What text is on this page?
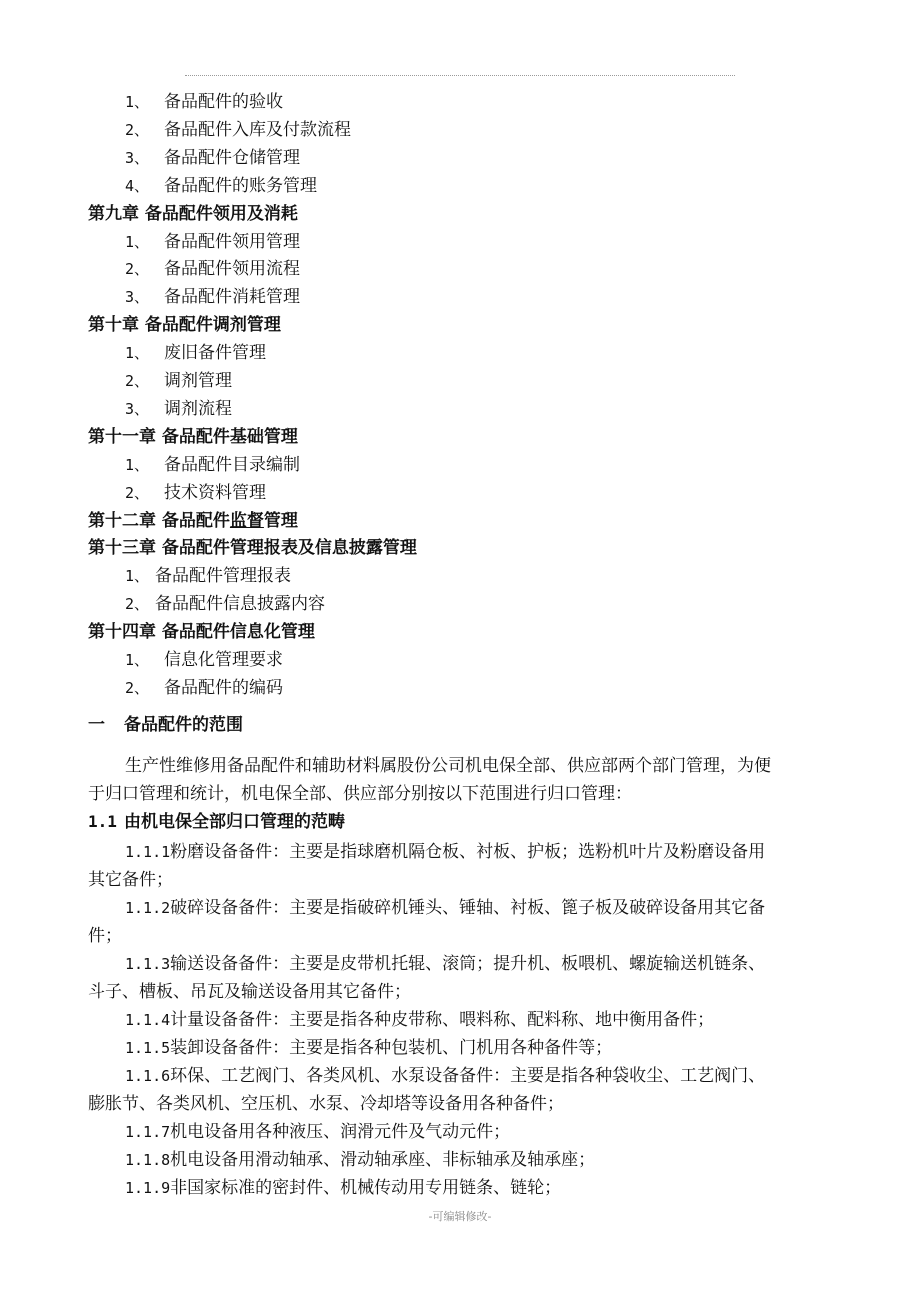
1、 备品配件的验收
2、 备品配件入库及付款流程
3、 备品配件仓储管理
4、 备品配件的账务管理
第九章 备品配件领用及消耗
1、 备品配件领用管理
2、 备品配件领用流程
3、 备品配件消耗管理
第十章 备品配件调剂管理
1、 废旧备件管理
2、 调剂管理
3、 调剂流程
第十一章 备品配件基础管理
1、 备品配件目录编制
2、 技术资料管理
第十二章 备品配件监督管理
第十三章 备品配件管理报表及信息披露管理
1、 备品配件管理报表
2、 备品配件信息披露内容
第十四章 备品配件信息化管理
1、 信息化管理要求
2、 备品配件的编码
一 备品配件的范围
生产性维修用备品配件和辅助材料属股份公司机电保全部、供应部两个部门管理，为便
于归口管理和统计，机电保全部、供应部分别按以下范围进行归口管理：
1.1 由机电保全部归口管理的范畴
1.1.1粉磨设备备件：主要是指球磨机隔仓板、衬板、护板；选粉机叶片及粉磨设备用
其它备件；
1.1.2破碎设备备件：主要是指破碎机锤头、锤轴、衬板、篦子板及破碎设备用其它备
件；
1.1.3输送设备备件：主要是皮带机托辊、滚筒；提升机、板喂机、螺旋输送机链条、
斗子、槽板、吊瓦及输送设备用其它备件；
1.1.4计量设备备件：主要是指各种皮带称、喂料称、配料称、地中衡用备件；
1.1.5装卸设备备件：主要是指各种包装机、门机用各种备件等；
1.1.6环保、工艺阀门、各类风机、水泵设备备件：主要是指各种袋收尘、工艺阀门、
膨胀节、各类风机、空压机、水泵、冷却塔等设备用各种备件；
1.1.7机电设备用各种液压、润滑元件及气动元件；
1.1.8机电设备用滑动轴承、滑动轴承座、非标轴承及轴承座；
1.1.9非国家标准的密封件、机械传动用专用链条、链轮；
-可编辑修改-
